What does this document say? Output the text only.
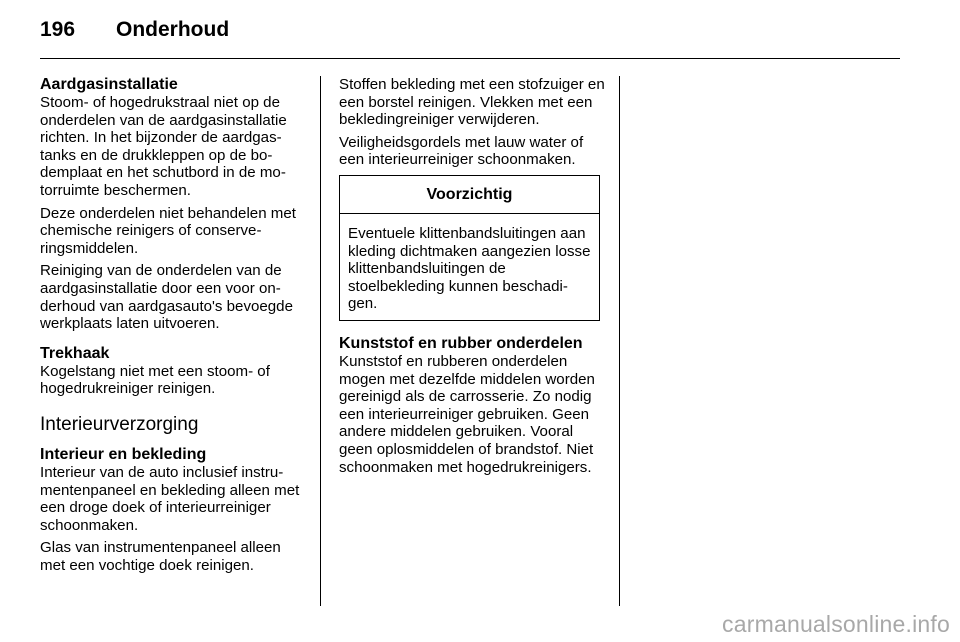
196	Onderhoud
Aardgasinstallatie

Stoom- of hogedrukstraal niet op de onderdelen van de aardgasinstallatie richten. In het bijzonder de aardgastanks en de drukkleppen op de bodemplaat en het schutbord in de motorruimte beschermen.

Deze onderdelen niet behandelen met chemische reinigers of conserveringsmiddelen.

Reiniging van de onderdelen van de aardgasinstallatie door een voor onderhoud van aardgasauto's bevoegde werkplaats laten uitvoeren.

Trekhaak

Kogelstang niet met een stoom- of hogedrukreiniger reinigen.

Interieurverzorging
Interieur en bekleding

Interieur van de auto inclusief instrumentenpaneel en bekleding alleen met een droge doek of interieurreiniger schoonmaken.

Glas van instrumentenpaneel alleen met een vochtige doek reinigen.

Stoffen bekleding met een stofzuiger en een borstel reinigen. Vlekken met een bekledingreiniger verwijderen.

Veiligheidsgordels met lauw water of een interieurreiniger schoonmaken.

Voorzichtig
Eventuele klittenbandsluitingen aan kleding dichtmaken aangezien losse klittenbandsluitingen de stoelbekleding kunnen beschadigen.
Kunststof en rubber onderdelen

Kunststof en rubberen onderdelen mogen met dezelfde middelen worden gereinigd als de carrosserie. Zo nodig een interieurreiniger gebruiken. Geen andere middelen gebruiken. Vooral geen oplosmiddelen of brandstof. Niet schoonmaken met hogedrukreinigers.

carmanualsonline.info
